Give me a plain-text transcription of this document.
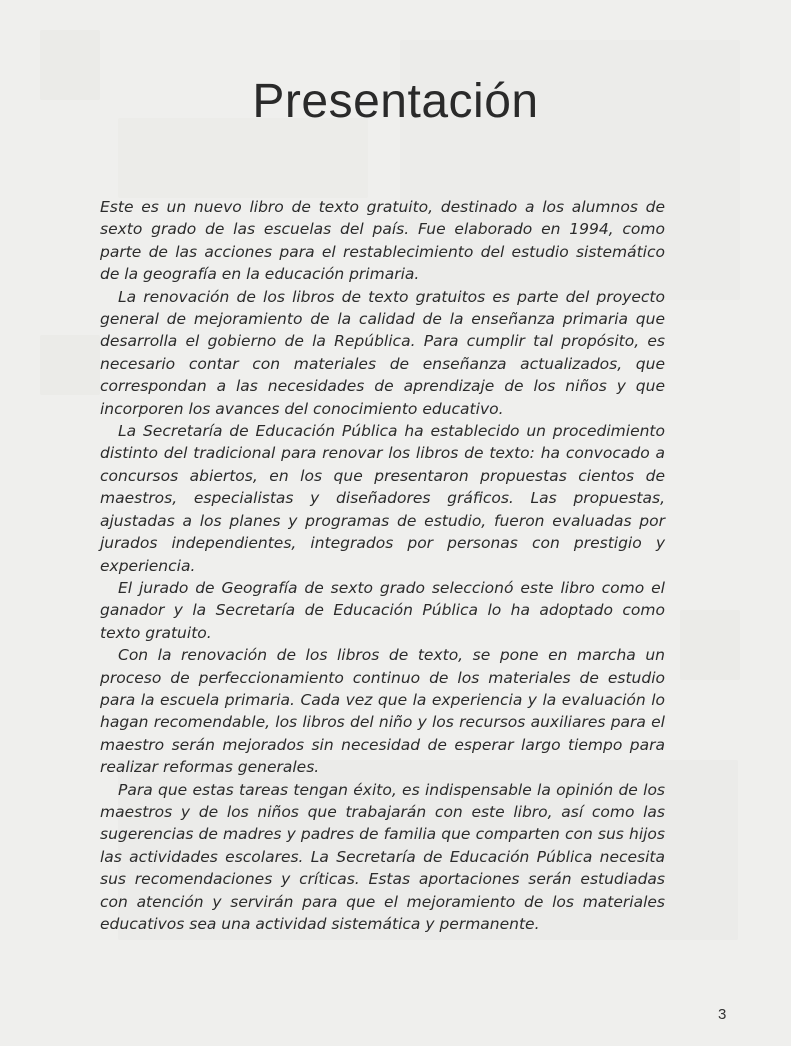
Presentación

Este es un nuevo libro de texto gratuito, destinado a los alumnos de sexto grado de las escuelas del país. Fue elaborado en 1994, como parte de las acciones para el restablecimiento del estudio sistemático de la geografía en la educación primaria.

La renovación de los libros de texto gratuitos es parte del proyecto general de mejoramiento de la calidad de la enseñanza primaria que desarrolla el gobierno de la República. Para cumplir tal propósito, es necesario contar con materiales de enseñanza actualizados, que correspondan a las necesidades de aprendizaje de los niños y que incorporen los avances del conocimiento educativo.

La Secretaría de Educación Pública ha establecido un procedimiento distinto del tradicional para renovar los libros de texto: ha convocado a concursos abiertos, en los que presentaron propuestas cientos de maestros, especialistas y diseñadores gráficos. Las propuestas, ajustadas a los planes y programas de estudio, fueron evaluadas por jurados independientes, integrados por personas con prestigio y experiencia.

El jurado de Geografía de sexto grado seleccionó este libro como el ganador y la Secretaría de Educación Pública lo ha adoptado como texto gratuito.

Con la renovación de los libros de texto, se pone en marcha un proceso de perfeccionamiento continuo de los materiales de estudio para la escuela primaria. Cada vez que la experiencia y la evaluación lo hagan recomendable, los libros del niño y los recursos auxiliares para el maestro serán mejorados sin necesidad de esperar largo tiempo para realizar reformas generales.

Para que estas tareas tengan éxito, es indispensable la opinión de los maestros y de los niños que trabajarán con este libro, así como las sugerencias de madres y padres de familia que comparten con sus hijos las actividades escolares. La Secretaría de Educación Pública necesita sus recomendaciones y críticas. Estas aportaciones serán estudiadas con atención y servirán para que el mejoramiento de los materiales educativos sea una actividad sistemática y permanente.

3
